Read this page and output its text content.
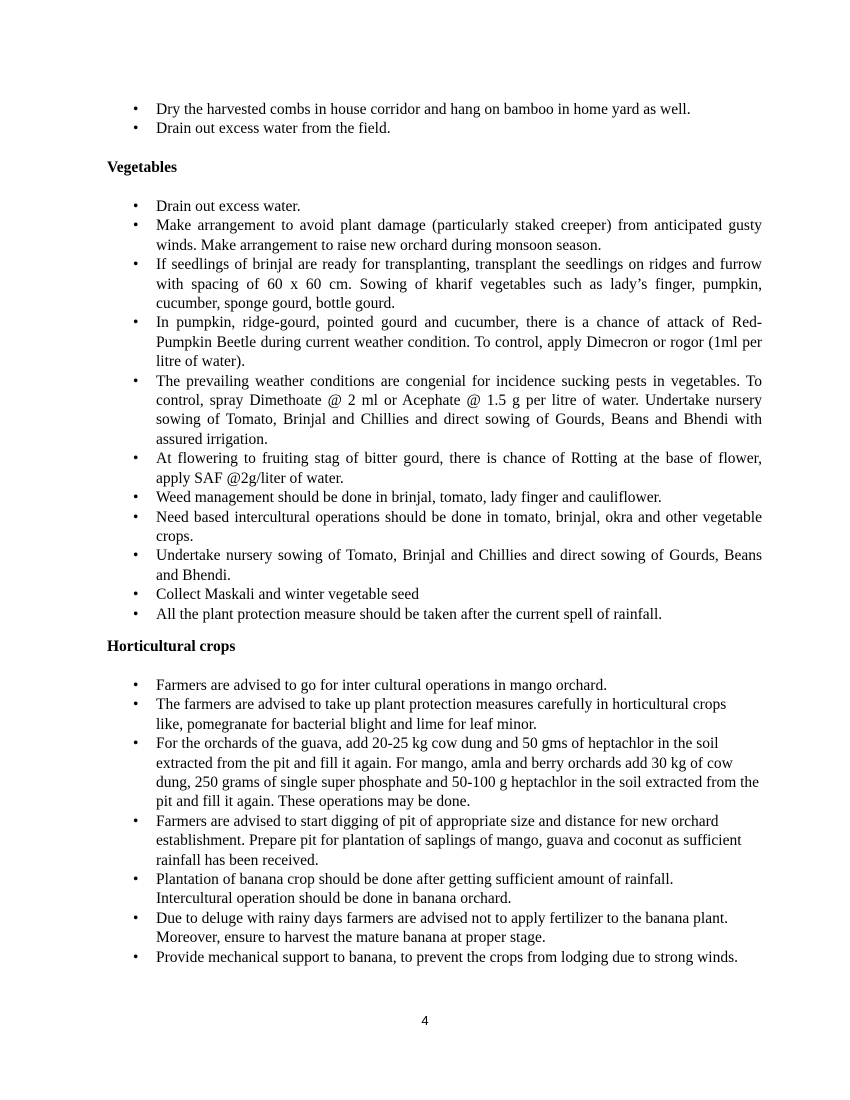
• Dry the harvested combs in house corridor and hang on bamboo in home yard as well.
• Drain out excess water from the field.
Vegetables
• Drain out excess water.
• Make arrangement to avoid plant damage (particularly staked creeper) from anticipated gusty winds. Make arrangement to raise new orchard during monsoon season.
• If seedlings of brinjal are ready for transplanting, transplant the seedlings on ridges and furrow with spacing of 60 x 60 cm. Sowing of kharif vegetables such as lady’s finger, pumpkin, cucumber, sponge gourd, bottle gourd.
• In pumpkin, ridge-gourd, pointed gourd and cucumber, there is a chance of attack of Red-Pumpkin Beetle during current weather condition. To control, apply Dimecron or rogor (1ml per litre of water).
• The prevailing weather conditions are congenial for incidence sucking pests in vegetables. To control, spray Dimethoate @ 2 ml or Acephate @ 1.5 g per litre of water. Undertake nursery sowing of Tomato, Brinjal and Chillies and direct sowing of Gourds, Beans and Bhendi with assured irrigation.
• At flowering to fruiting stag of bitter gourd, there is chance of Rotting at the base of flower, apply SAF @2g/liter of water.
• Weed management should be done in brinjal, tomato, lady finger and cauliflower.
• Need based intercultural operations should be done in tomato, brinjal, okra and other vegetable crops.
• Undertake nursery sowing of Tomato, Brinjal and Chillies and direct sowing of Gourds, Beans and Bhendi.
• Collect Maskali and winter vegetable seed
• All the plant protection measure should be taken after the current spell of rainfall.
Horticultural crops
• Farmers are advised to go for inter cultural operations in mango orchard.
• The farmers are advised to take up plant protection measures carefully in horticultural crops like, pomegranate for bacterial blight and lime for leaf minor.
• For the orchards of the guava, add 20-25 kg cow dung and 50 gms of heptachlor in the soil extracted from the pit and fill it again. For mango, amla and berry orchards add 30 kg of cow dung, 250 grams of single super phosphate and 50-100 g heptachlor in the soil extracted from the pit and fill it again. These operations may be done.
• Farmers are advised to start digging of pit of appropriate size and distance for new orchard establishment. Prepare pit for plantation of saplings of mango, guava and coconut as sufficient rainfall has been received.
• Plantation of banana crop should be done after getting sufficient amount of rainfall. Intercultural operation should be done in banana orchard.
• Due to deluge with rainy days farmers are advised not to apply fertilizer to the banana plant. Moreover, ensure to harvest the mature banana at proper stage.
• Provide mechanical support to banana, to prevent the crops from lodging due to strong winds.
4
